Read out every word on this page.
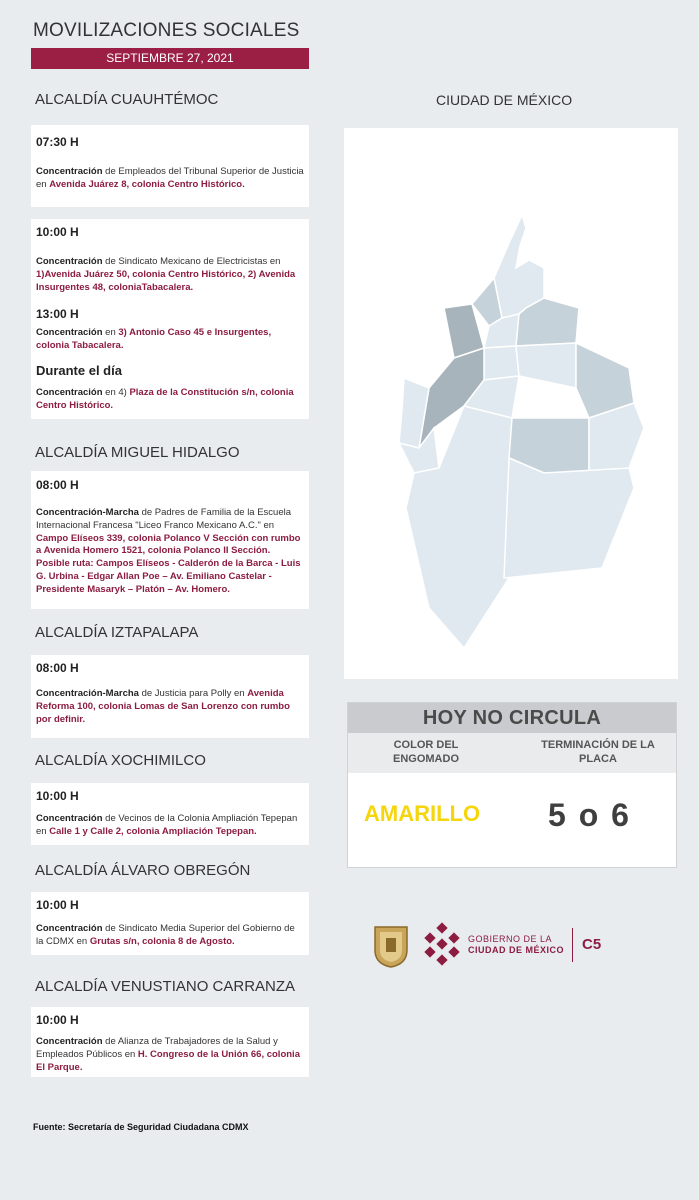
MOVILIZACIONES SOCIALES
SEPTIEMBRE 27, 2021
ALCALDÍA CUAUHTÉMOC
07:30 H
Concentración de Empleados del Tribunal Superior de Justicia en Avenida Juárez 8, colonia Centro Histórico.
10:00 H
Concentración de Sindicato Mexicano de Electricistas en 1)Avenida Juárez 50, colonia Centro Histórico, 2) Avenida Insurgentes 48, coloniaTabacalera.
13:00 H
Concentración en 3) Antonio Caso 45 e Insurgentes, colonia Tabacalera.
Durante el día
Concentración en 4) Plaza de la Constitución s/n, colonia Centro Histórico.
ALCALDÍA MIGUEL HIDALGO
08:00 H
Concentración-Marcha de Padres de Familia de la Escuela Internacional Francesa "Liceo Franco Mexicano A.C." en Campo Elíseos 339, colonia Polanco V Sección con rumbo a Avenida Homero 1521, colonia Polanco II Sección. Posible ruta: Campos Elíseos - Calderón de la Barca - Luis G. Urbina - Edgar Allan Poe – Av. Emiliano Castelar - Presidente Masaryk – Platón – Av. Homero.
ALCALDÍA IZTAPALAPA
08:00 H
Concentración-Marcha de Justicia para Polly en Avenida Reforma 100, colonia Lomas de San Lorenzo con rumbo por definir.
ALCALDÍA XOCHIMILCO
10:00 H
Concentración de Vecinos de la Colonia Ampliación Tepepan en Calle 1 y Calle 2, colonia Ampliación Tepepan.
ALCALDÍA ÁLVARO OBREGÓN
10:00 H
Concentración de Sindicato Media Superior del Gobierno de la CDMX en Grutas s/n, colonia 8 de Agosto.
ALCALDÍA VENUSTIANO CARRANZA
10:00 H
Concentración de Alianza de Trabajadores de la Salud y Empleados Públicos en H. Congreso de la Unión 66, colonia El Parque.
CIUDAD DE MÉXICO
HOY NO CIRCULA
COLOR DEL ENGOMADO
TERMINACIÓN DE LA PLACA
AMARILLO 5 o 6
GOBIERNO DE LA
CIUDAD DE MÉXICO C5
Fuente: Secretaría de Seguridad Ciudadana CDMX
